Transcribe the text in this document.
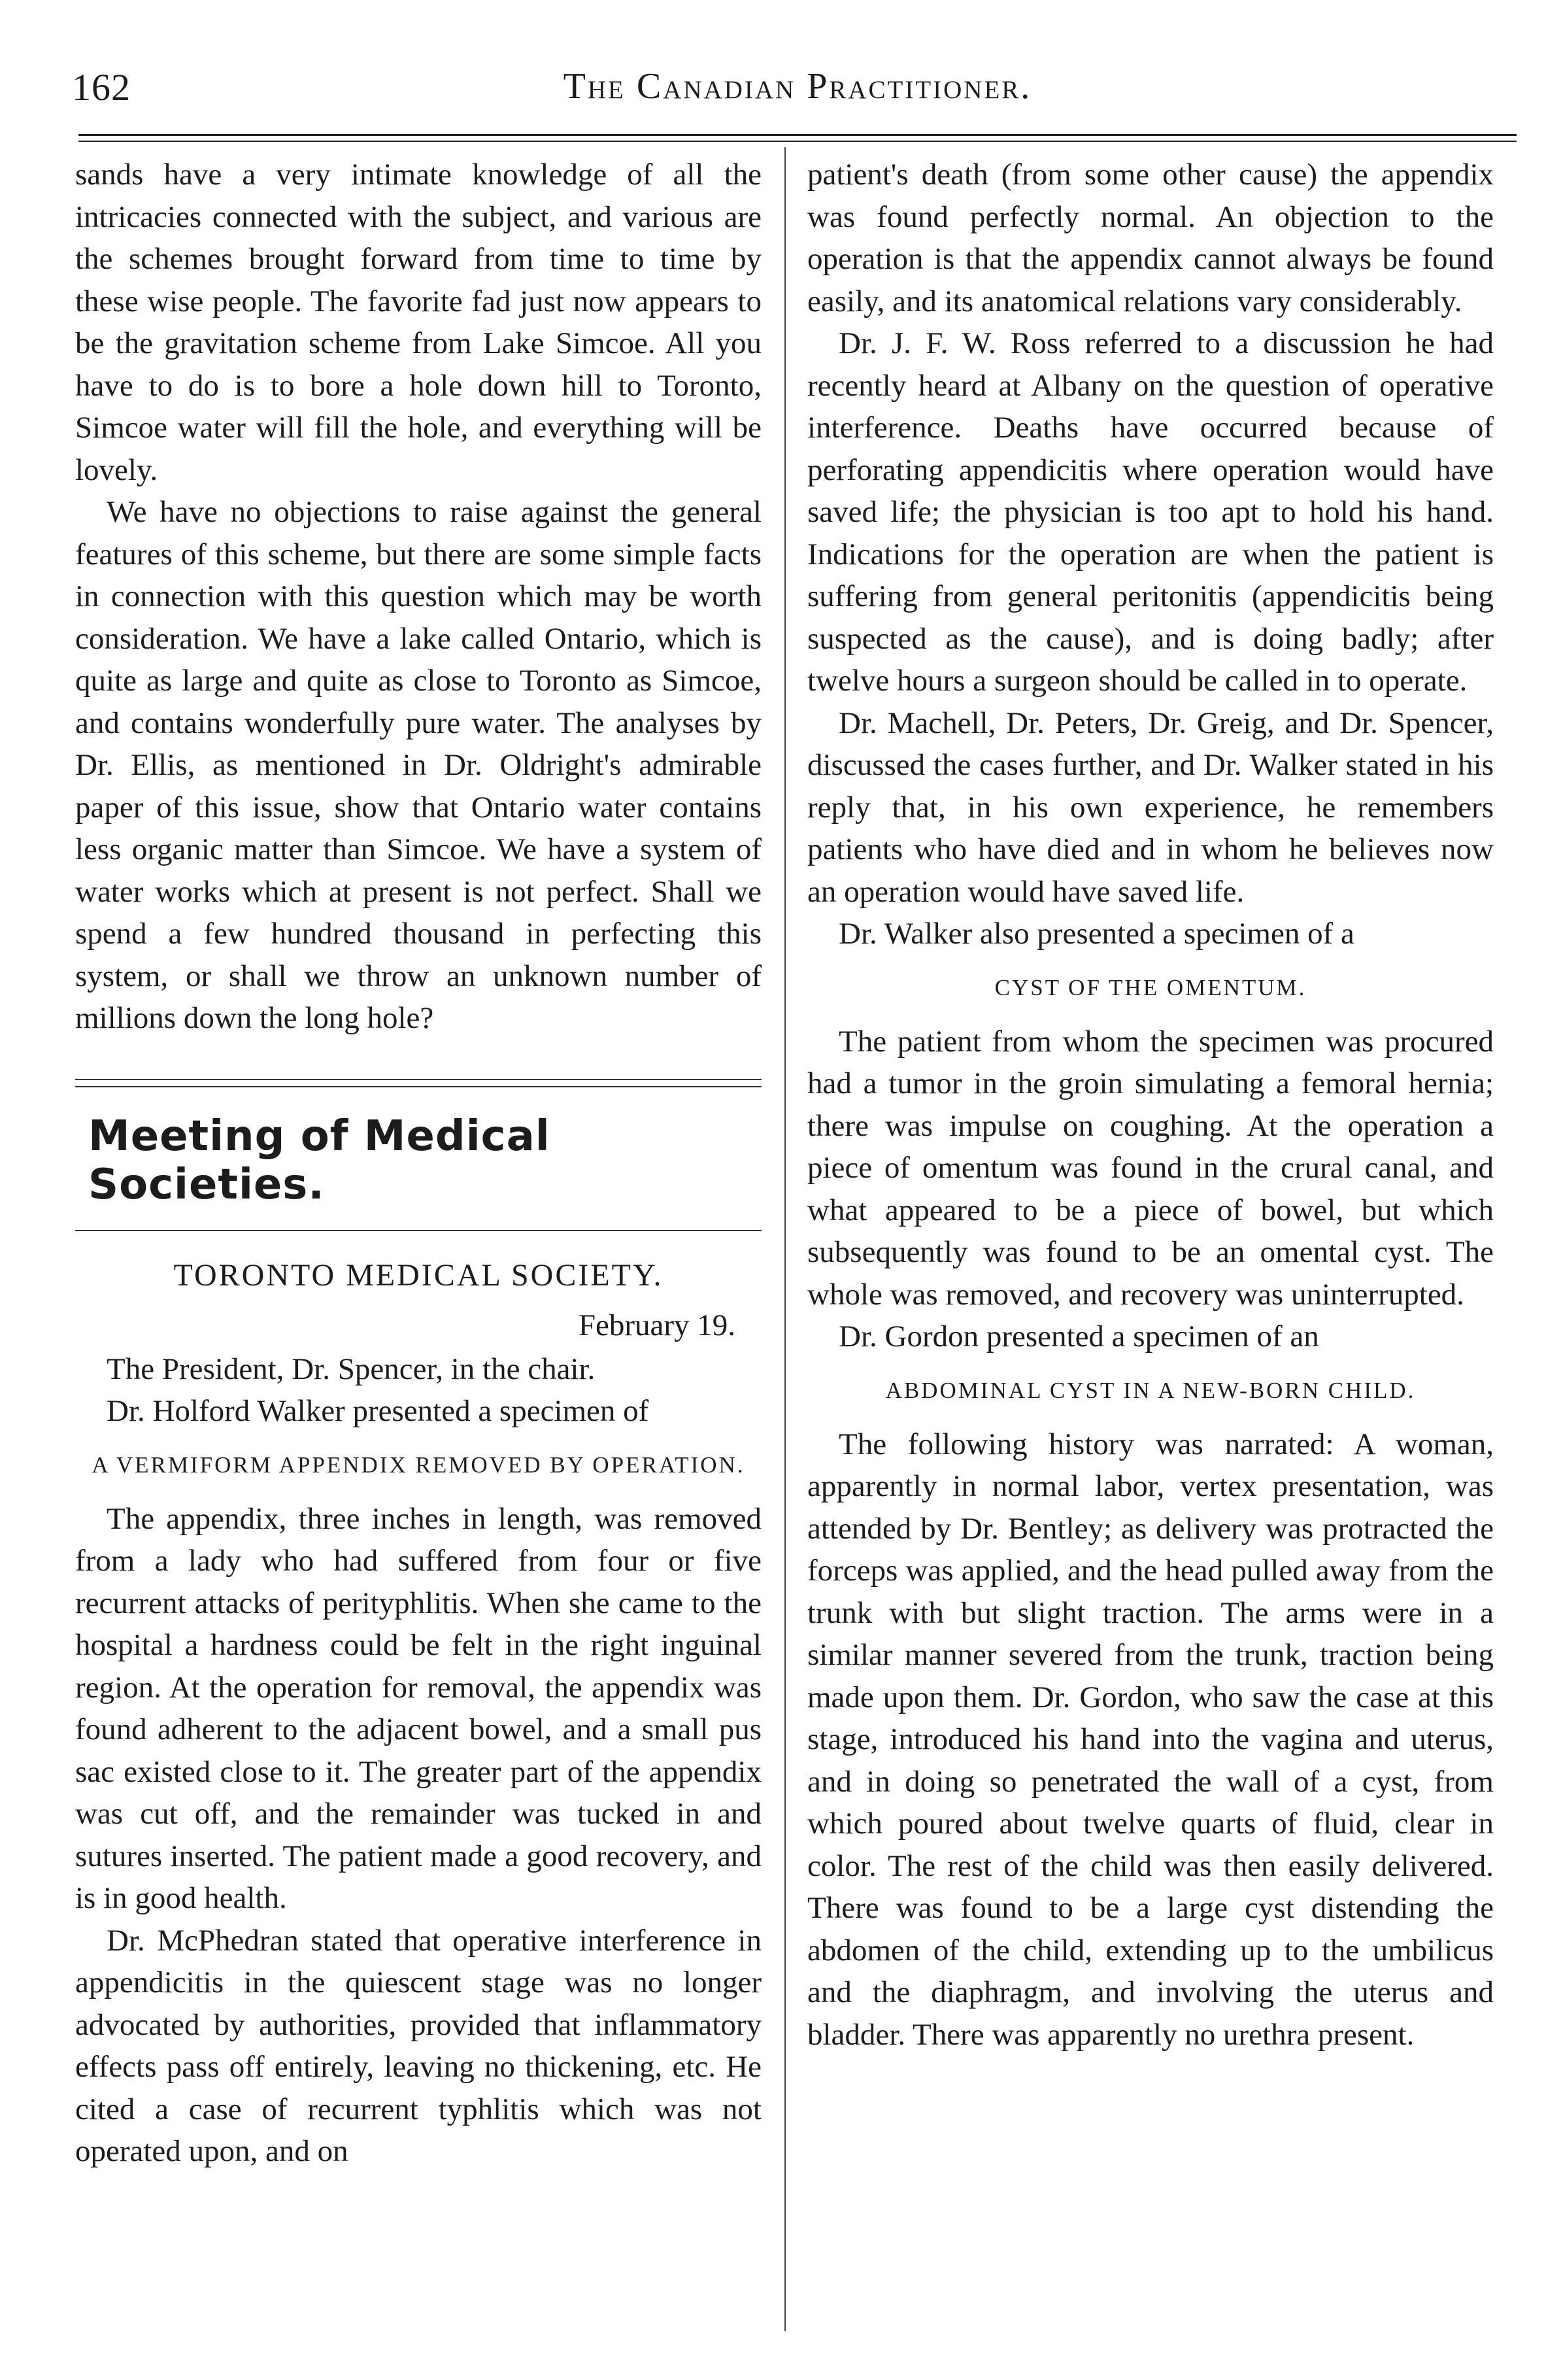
162	The Canadian Practitioner.

sands have a very intimate knowledge of all the intricacies connected with the subject, and various are the schemes brought forward from time to time by these wise people. The favorite fad just now appears to be the gravitation scheme from Lake Simcoe. All you have to do is to bore a hole down hill to Toronto, Simcoe water will fill the hole, and everything will be lovely.

We have no objections to raise against the general features of this scheme, but there are some simple facts in connection with this question which may be worth consideration. We have a lake called Ontario, which is quite as large and quite as close to Toronto as Simcoe, and contains wonderfully pure water. The analyses by Dr. Ellis, as mentioned in Dr. Oldright's admirable paper of this issue, show that Ontario water contains less organic matter than Simcoe. We have a system of water works which at present is not perfect. Shall we spend a few hundred thousand in perfecting this system, or shall we throw an unknown number of millions down the long hole?

Meeting of Medical Societies.
TORONTO MEDICAL SOCIETY.
February 19.

The President, Dr. Spencer, in the chair.

Dr. Holford Walker presented a specimen of

A VERMIFORM APPENDIX REMOVED BY OPERATION.

The appendix, three inches in length, was removed from a lady who had suffered from four or five recurrent attacks of perityphlitis. When she came to the hospital a hardness could be felt in the right inguinal region. At the operation for removal, the appendix was found adherent to the adjacent bowel, and a small pus sac existed close to it. The greater part of the appendix was cut off, and the remainder was tucked in and sutures inserted. The patient made a good recovery, and is in good health.

Dr. McPhedran stated that operative interference in appendicitis in the quiescent stage was no longer advocated by authorities, provided that inflammatory effects pass off entirely, leaving no thickening, etc. He cited a case of recurrent typhlitis which was not operated upon, and on

patient's death (from some other cause) the appendix was found perfectly normal. An objection to the operation is that the appendix cannot always be found easily, and its anatomical relations vary considerably.

Dr. J. F. W. Ross referred to a discussion he had recently heard at Albany on the question of operative interference. Deaths have occurred because of perforating appendicitis where operation would have saved life; the physician is too apt to hold his hand. Indications for the operation are when the patient is suffering from general peritonitis (appendicitis being suspected as the cause), and is doing badly; after twelve hours a surgeon should be called in to operate.

Dr. Machell, Dr. Peters, Dr. Greig, and Dr. Spencer, discussed the cases further, and Dr. Walker stated in his reply that, in his own experience, he remembers patients who have died and in whom he believes now an operation would have saved life.

Dr. Walker also presented a specimen of a

CYST OF THE OMENTUM.

The patient from whom the specimen was procured had a tumor in the groin simulating a femoral hernia; there was impulse on coughing. At the operation a piece of omentum was found in the crural canal, and what appeared to be a piece of bowel, but which subsequently was found to be an omental cyst. The whole was removed, and recovery was uninterrupted.

Dr. Gordon presented a specimen of an

ABDOMINAL CYST IN A NEW-BORN CHILD.

The following history was narrated: A woman, apparently in normal labor, vertex presentation, was attended by Dr. Bentley; as delivery was protracted the forceps was applied, and the head pulled away from the trunk with but slight traction. The arms were in a similar manner severed from the trunk, traction being made upon them. Dr. Gordon, who saw the case at this stage, introduced his hand into the vagina and uterus, and in doing so penetrated the wall of a cyst, from which poured about twelve quarts of fluid, clear in color. The rest of the child was then easily delivered. There was found to be a large cyst distending the abdomen of the child, extending up to the umbilicus and the diaphragm, and involving the uterus and bladder. There was apparently no urethra present.
